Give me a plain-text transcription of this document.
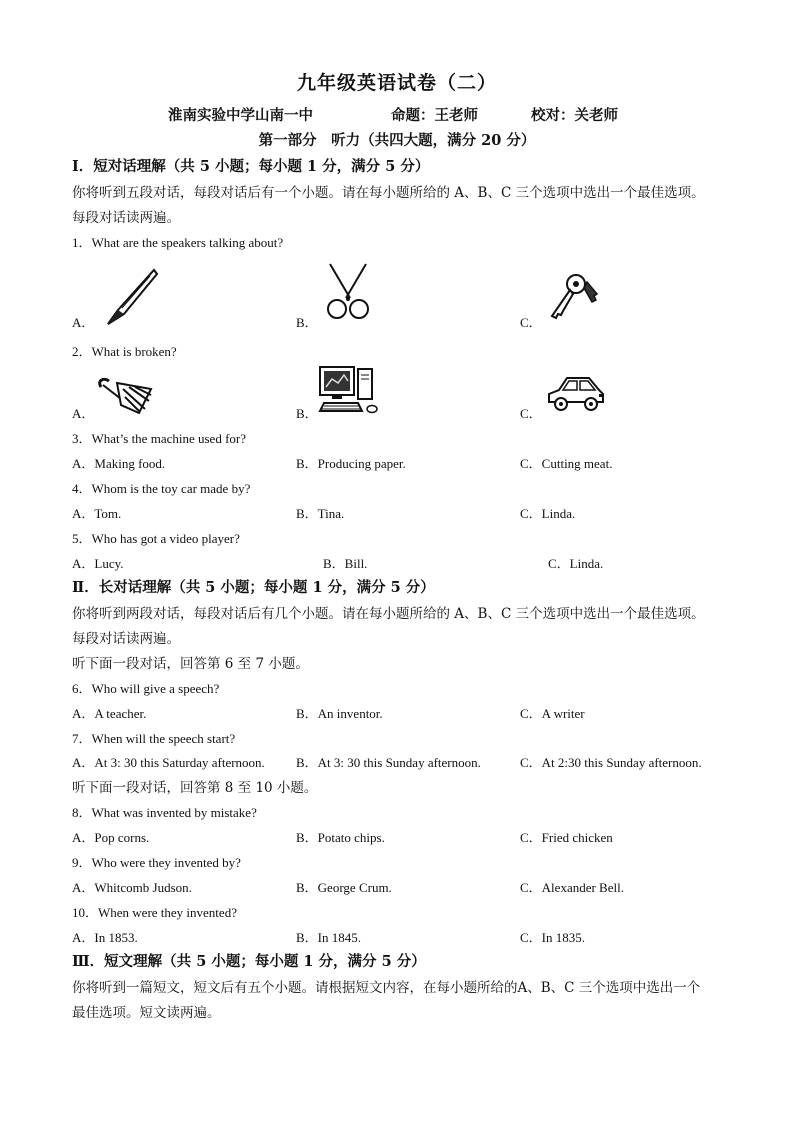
九年级英语试卷（二）
淮南实验中学山南一中	命题：王老师	校对：关老师
第一部分　听力（共四大题，满分 20 分）
I．短对话理解（共 5 小题；每小题 1 分，满分 5 分）
你将听到五段对话，每段对话后有一个小题。请在每小题所给的 A、B、C 三个选项中选出一个最佳选项。
每段对话读两遍。
1．What are the speakers talking about?
A．	B．	C．
2．What is broken?
A．	B．	C．
3．What’s the machine used for?
A．Making food.	B．Producing paper.	C．Cutting meat.
4．Whom is the toy car made by?
A．Tom.	B．Tina.	C．Linda.
5．Who has got a video player?
A．Lucy.	B．Bill.	C．Linda.
Ⅱ．长对话理解（共 5 小题；每小题 1 分，满分 5 分）
你将听到两段对话，每段对话后有几个小题。请在每小题所给的 A、B、C 三个选项中选出一个最佳选项。
每段对话读两遍。
听下面一段对话，回答第 6 至 7 小题。
6．Who will give a speech?
A．A teacher.	B．An inventor.	C．A writer
7．When will the speech start?
A．At 3: 30 this Saturday afternoon. B．At 3: 30 this Sunday afternoon.	C．At 2:30 this Sunday afternoon.
听下面一段对话，回答第 8 至 10 小题。
8．What was invented by mistake?
A．Pop corns.	B．Potato chips.	C．Fried chicken
9．Who were they invented by?
A．Whitcomb Judson.	B．George Crum.	C．Alexander Bell.
10．When were they invented?
A．In 1853.	B．In 1845.	C．In 1835.
Ⅲ．短文理解（共 5 小题；每小题 1 分，满分 5 分）
你将听到一篇短文，短文后有五个小题。请根据短文内容，在每小题所给的A、B、C 三个选项中选出一个
最佳选项。短文读两遍。
